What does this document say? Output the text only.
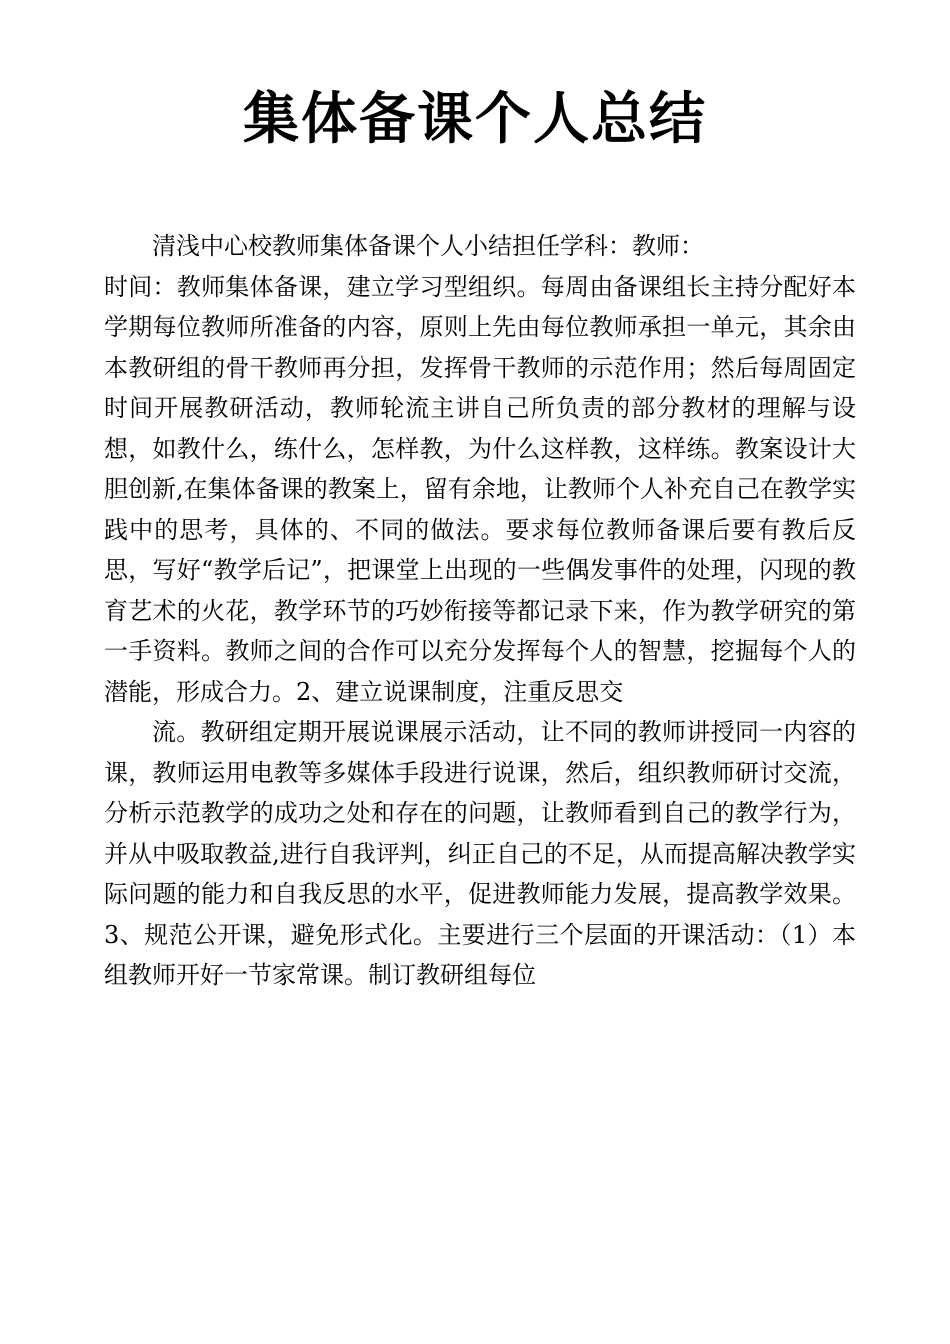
集体备课个人总结

清浅中心校教师集体备课个人小结担任学科：教师：

时间：教师集体备课，建立学习型组织。每周由备课组长主持分配好本学期每位教师所准备的内容，原则上先由每位教师承担一单元，其余由本教研组的骨干教师再分担，发挥骨干教师的示范作用；然后每周固定时间开展教研活动，教师轮流主讲自己所负责的部分教材的理解与设想，如教什么，练什么，怎样教，为什么这样教，这样练。教案设计大胆创新,在集体备课的教案上，留有余地，让教师个人补充自己在教学实践中的思考，具体的、不同的做法。要求每位教师备课后要有教后反思，写好“教学后记”，把课堂上出现的一些偶发事件的处理，闪现的教育艺术的火花，教学环节的巧妙衔接等都记录下来，作为教学研究的第一手资料。教师之间的合作可以充分发挥每个人的智慧，挖掘每个人的潜能，形成合力。2、建立说课制度，注重反思交

流。教研组定期开展说课展示活动，让不同的教师讲授同一内容的课，教师运用电教等多媒体手段进行说课，然后，组织教师研讨交流，分析示范教学的成功之处和存在的问题，让教师看到自己的教学行为，并从中吸取教益,进行自我评判，纠正自己的不足，从而提高解决教学实际问题的能力和自我反思的水平，促进教师能力发展，提高教学效果。3、规范公开课，避免形式化。主要进行三个层面的开课活动：（1）本组教师开好一节家常课。制订教研组每位
